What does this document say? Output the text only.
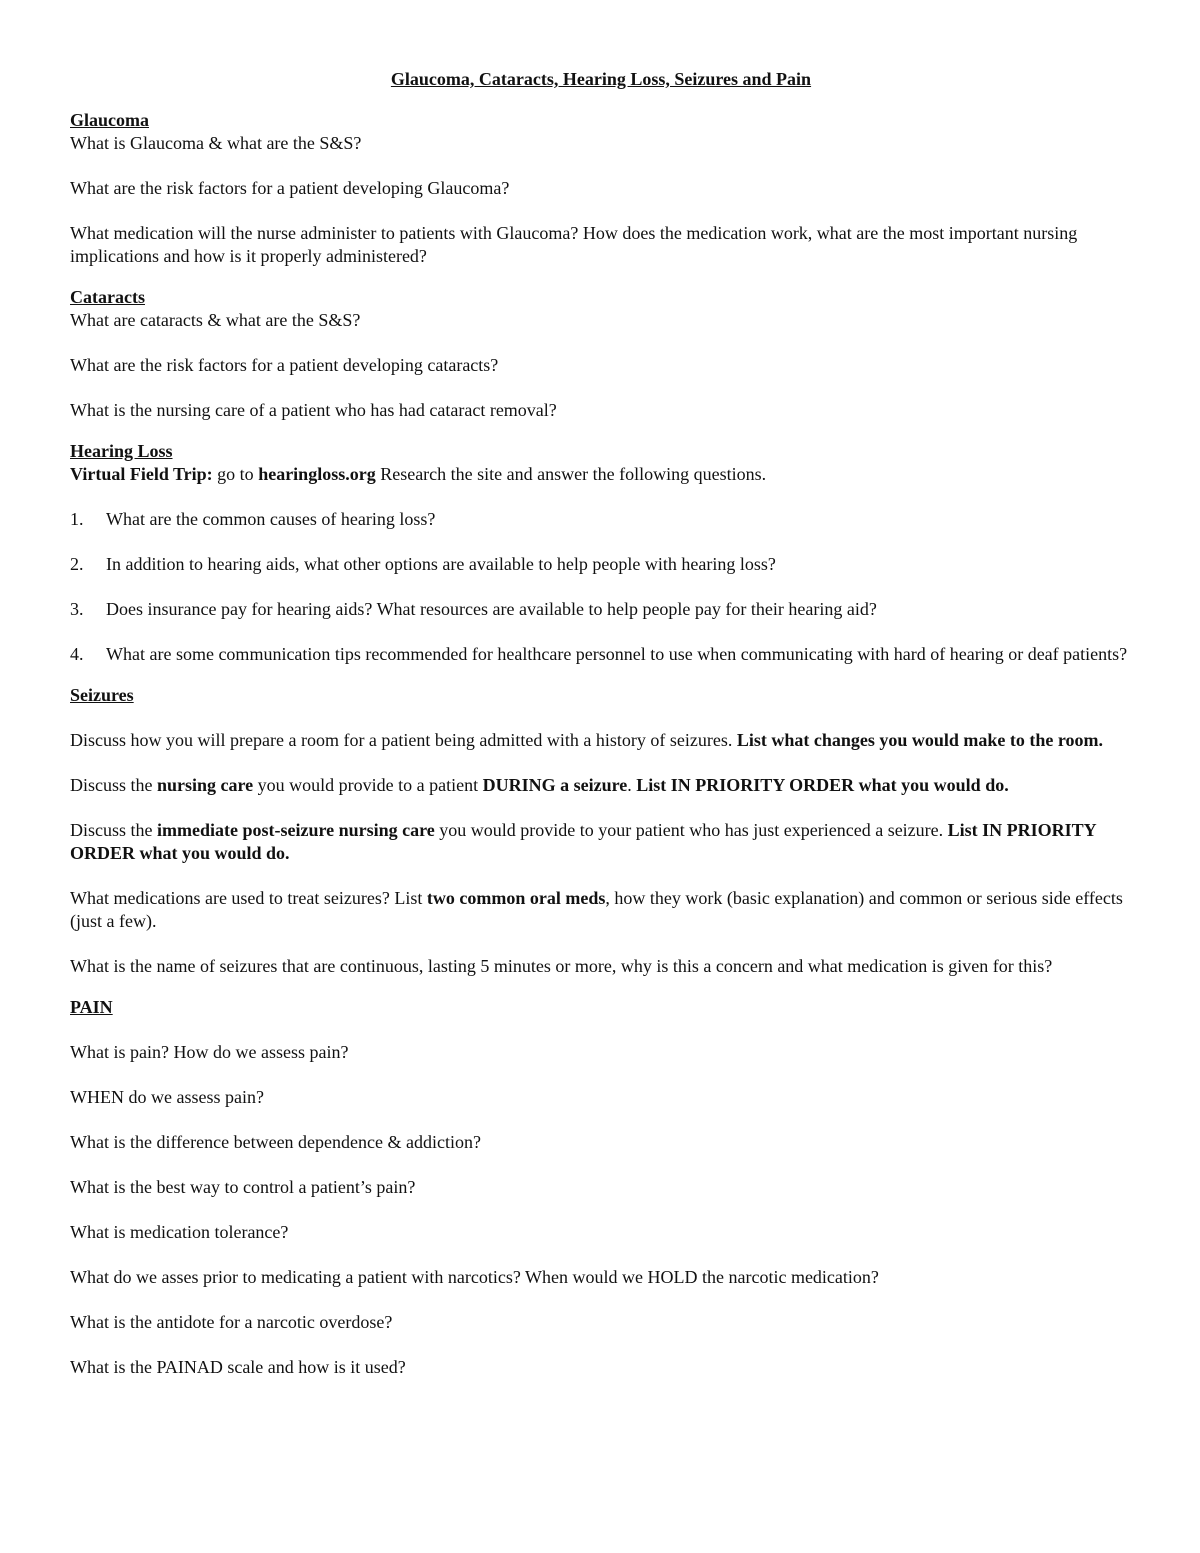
Glaucoma, Cataracts, Hearing Loss, Seizures and Pain

Glaucoma

What is Glaucoma & what are the S&S?

What are the risk factors for a patient developing Glaucoma?

What medication will the nurse administer to patients with Glaucoma? How does the medication work, what are the most important nursing implications and how is it properly administered?

Cataracts

What are cataracts & what are the S&S?

What are the risk factors for a patient developing cataracts?

What is the nursing care of a patient who has had cataract removal?

Hearing Loss

Virtual Field Trip: go to hearingloss.org Research the site and answer the following questions.

1. What are the common causes of hearing loss?
2. In addition to hearing aids, what other options are available to help people with hearing loss?
3. Does insurance pay for hearing aids? What resources are available to help people pay for their hearing aid?
4. What are some communication tips recommended for healthcare personnel to use when communicating with hard of hearing or deaf patients?

Seizures

Discuss how you will prepare a room for a patient being admitted with a history of seizures. List what changes you would make to the room.

Discuss the nursing care you would provide to a patient DURING a seizure. List IN PRIORITY ORDER what you would do.

Discuss the immediate post-seizure nursing care you would provide to your patient who has just experienced a seizure. List IN PRIORITY ORDER what you would do.

What medications are used to treat seizures? List two common oral meds, how they work (basic explanation) and common or serious side effects (just a few).

What is the name of seizures that are continuous, lasting 5 minutes or more, why is this a concern and what medication is given for this?

PAIN

What is pain? How do we assess pain?

WHEN do we assess pain?

What is the difference between dependence & addiction?

What is the best way to control a patient’s pain?

What is medication tolerance?

What do we asses prior to medicating a patient with narcotics? When would we HOLD the narcotic medication?

What is the antidote for a narcotic overdose?

What is the PAINAD scale and how is it used?
